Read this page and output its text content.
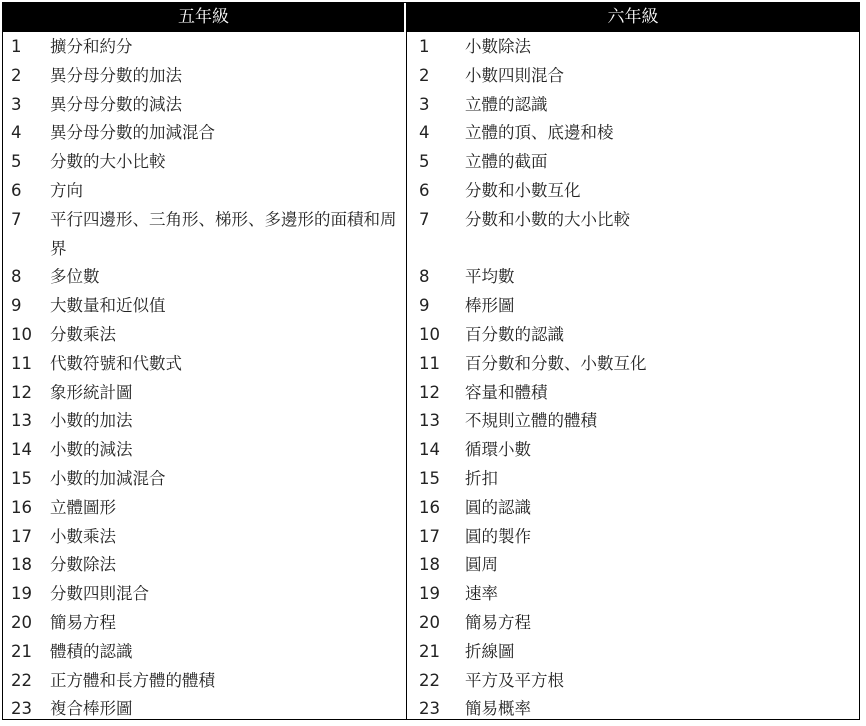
五年級
1	擴分和約分
2	異分母分數的加法
3	異分母分數的減法
4	異分母分數的加減混合
5	分數的大小比較
6	方向
7	平行四邊形、三角形、梯形、多邊形的面積和周界
8	多位數
9	大數量和近似值
10	分數乘法
11	代數符號和代數式
12	象形統計圖
13	小數的加法
14	小數的減法
15	小數的加減混合
16	立體圖形
17	小數乘法
18	分數除法
19	分數四則混合
20	簡易方程
21	體積的認識
22	正方體和長方體的體積
23	複合棒形圖
六年級
1	小數除法
2	小數四則混合
3	立體的認識
4	立體的頂、底邊和棱
5	立體的截面
6	分數和小數互化
7	分數和小數的大小比較
8	平均數
9	棒形圖
10	百分數的認識
11	百分數和分數、小數互化
12	容量和體積
13	不規則立體的體積
14	循環小數
15	折扣
16	圓的認識
17	圓的製作
18	圓周
19	速率
20	簡易方程
21	折線圖
22	平方及平方根
23	簡易概率
